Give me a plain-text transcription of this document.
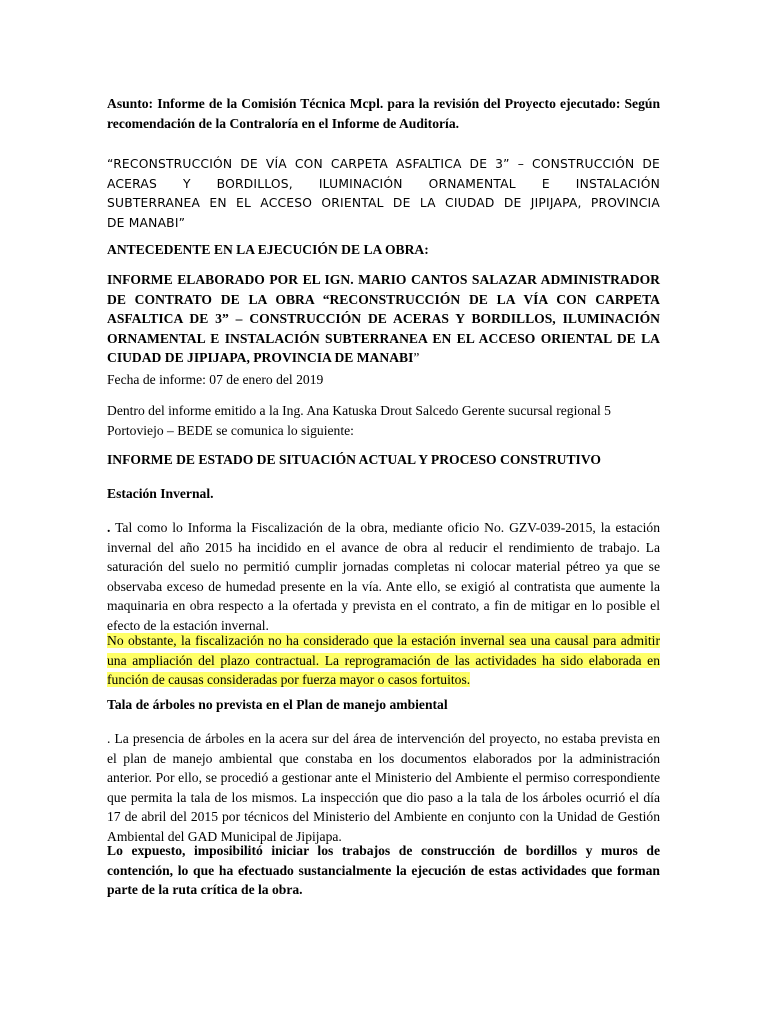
Asunto: Informe de la Comisión Técnica Mcpl. para la revisión del Proyecto ejecutado: Según recomendación de la Contraloría en el Informe de Auditoría.

“RECONSTRUCCIÓN DE VÍA CON CARPETA ASFALTICA DE 3” – CONSTRUCCIÓN DE
ACERAS Y BORDILLOS, ILUMINACIÓN ORNAMENTAL E INSTALACIÓN
SUBTERRANEA EN EL ACCESO ORIENTAL DE LA CIUDAD DE JIPIJAPA, PROVINCIA
DE MANABI”

ANTECEDENTE EN LA EJECUCIÓN DE LA OBRA:

INFORME ELABORADO POR EL IGN. MARIO CANTOS SALAZAR ADMINISTRADOR
DE CONTRATO DE LA OBRA “RECONSTRUCCIÓN DE LA VÍA CON CARPETA
ASFALTICA DE 3” – CONSTRUCCIÓN DE ACERAS Y BORDILLOS, ILUMINACIÓN
ORNAMENTAL E INSTALACIÓN SUBTERRANEA EN EL ACCESO ORIENTAL DE LA
CIUDAD DE JIPIJAPA, PROVINCIA DE MANABI”

Fecha de informe: 07 de enero del 2019

Dentro del informe emitido a la Ing. Ana Katuska Drout Salcedo Gerente sucursal regional 5
Portoviejo – BEDE se comunica lo siguiente:

INFORME DE ESTADO DE SITUACIÓN ACTUAL Y PROCESO CONSTRUTIVO

Estación Invernal.

. Tal como lo Informa la Fiscalización de la obra, mediante oficio No. GZV-039-2015, la estación invernal del año 2015 ha incidido en el avance de obra al reducir el rendimiento de trabajo. La saturación del suelo no permitió cumplir jornadas completas ni colocar material pétreo ya que se observaba exceso de humedad presente en la vía. Ante ello, se exigió al contratista que aumente la maquinaria en obra respecto a la ofertada y prevista en el contrato, a fin de mitigar en lo posible el efecto de la estación invernal.

No obstante, la fiscalización no ha considerado que la estación invernal sea una causal para admitir una ampliación del plazo contractual. La reprogramación de las actividades ha sido elaborada en función de causas consideradas por fuerza mayor o casos fortuitos.

Tala de árboles no prevista en el Plan de manejo ambiental

. La presencia de árboles en la acera sur del área de intervención del proyecto, no estaba prevista en el plan de manejo ambiental que constaba en los documentos elaborados por la administración anterior. Por ello, se procedió a gestionar ante el Ministerio del Ambiente el permiso correspondiente que permita la tala de los mismos. La inspección que dio paso a la tala de los árboles ocurrió el día 17 de abril del 2015 por técnicos del Ministerio del Ambiente en conjunto con la Unidad de Gestión Ambiental del GAD Municipal de Jipijapa.

Lo expuesto, imposibilitó iniciar los trabajos de construcción de bordillos y muros de contención, lo que ha efectuado sustancialmente la ejecución de estas actividades que forman parte de la ruta crítica de la obra.
